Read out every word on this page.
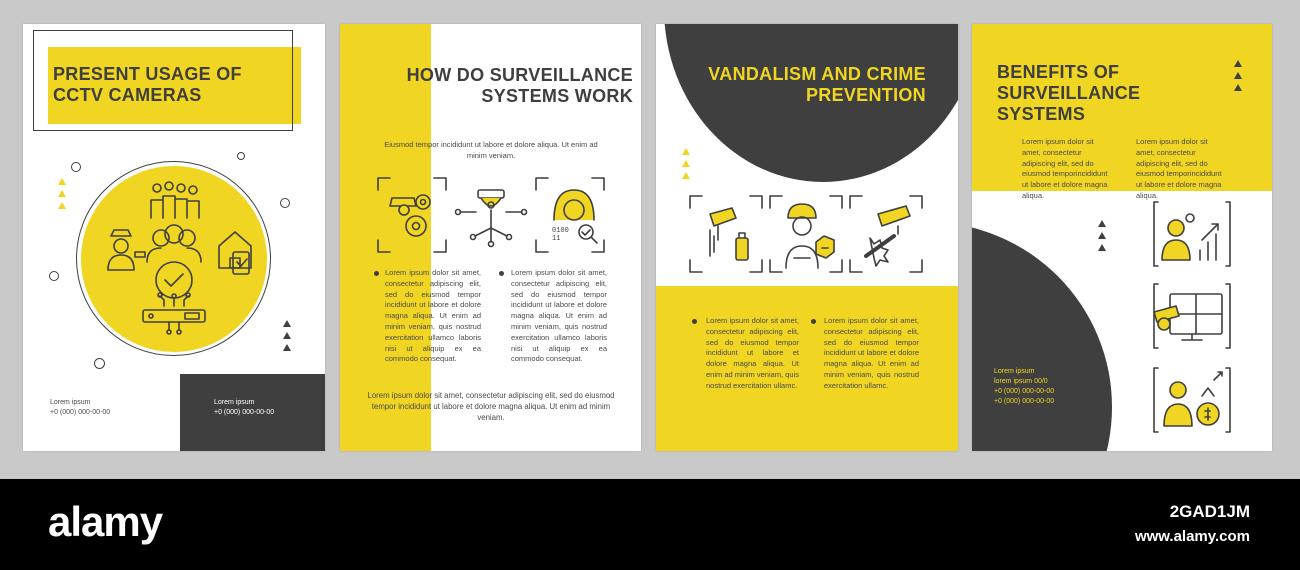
PRESENT USAGE OF CCTV CAMERAS
Lorem ipsum
+0 (000) 000-00-00
Lorem ipsum
+0 (000) 000-00-00
HOW DO SURVEILLANCE SYSTEMS WORK
Eiusmod tempor incididunt ut labore et dolore aliqua. Ut enim ad minim veniam.
0100
11
Lorem ipsum dolor sit amet, consectetur adipiscing elit, sed do eiusmod tempor incididunt ut labore et dolore magna aliqua. Ut enim ad minim veniam, quis nostrud exercitation ullamco laboris nisi ut aliquip ex ea commodo consequat.
Lorem ipsum dolor sit amet, consectetur adipiscing elit, sed do eiusmod tempor incididunt ut labore et dolore magna aliqua. Ut enim ad minim veniam, quis nostrud exercitation ullamco laboris nisi ut aliquip ex ea commodo consequat.
Lorem ipsum dolor sit amet, consectetur adipiscing elit, sed do eiusmod tempor incididunt ut labore et dolore magna aliqua. Ut enim ad minim veniam.
VANDALISM AND CRIME PREVENTION
Lorem ipsum dolor sit amet, consectetur adipiscing elit, sed do eiusmod tempor incididunt ut labore et dolore magna aliqua. Ut enim ad minim veniam, quis nostrud exercitation ullamc.
Lorem ipsum dolor sit amet, consectetur adipiscing elit, sed do eiusmod tempor incididunt ut labore et dolore magna aliqua. Ut enim ad minim veniam, quis nostrud exercitation ullamc.
BENEFITS OF SURVEILLANCE SYSTEMS
Lorem ipsum dolor sit amet, consectetur adipiscing elit, sed do eiusmod temporincididunt ut labore et dolore magna aliqua.
Lorem ipsum dolor sit amet, consectetur adipiscing elit, sed do eiusmod temporincididunt ut labore et dolore magna aliqua.
Lorem ipsum
lorem ipsum 00/0
+0 (000) 000-00-00
+0 (000) 000-00-00
alamy	2GAD1JM
www.alamy.com
